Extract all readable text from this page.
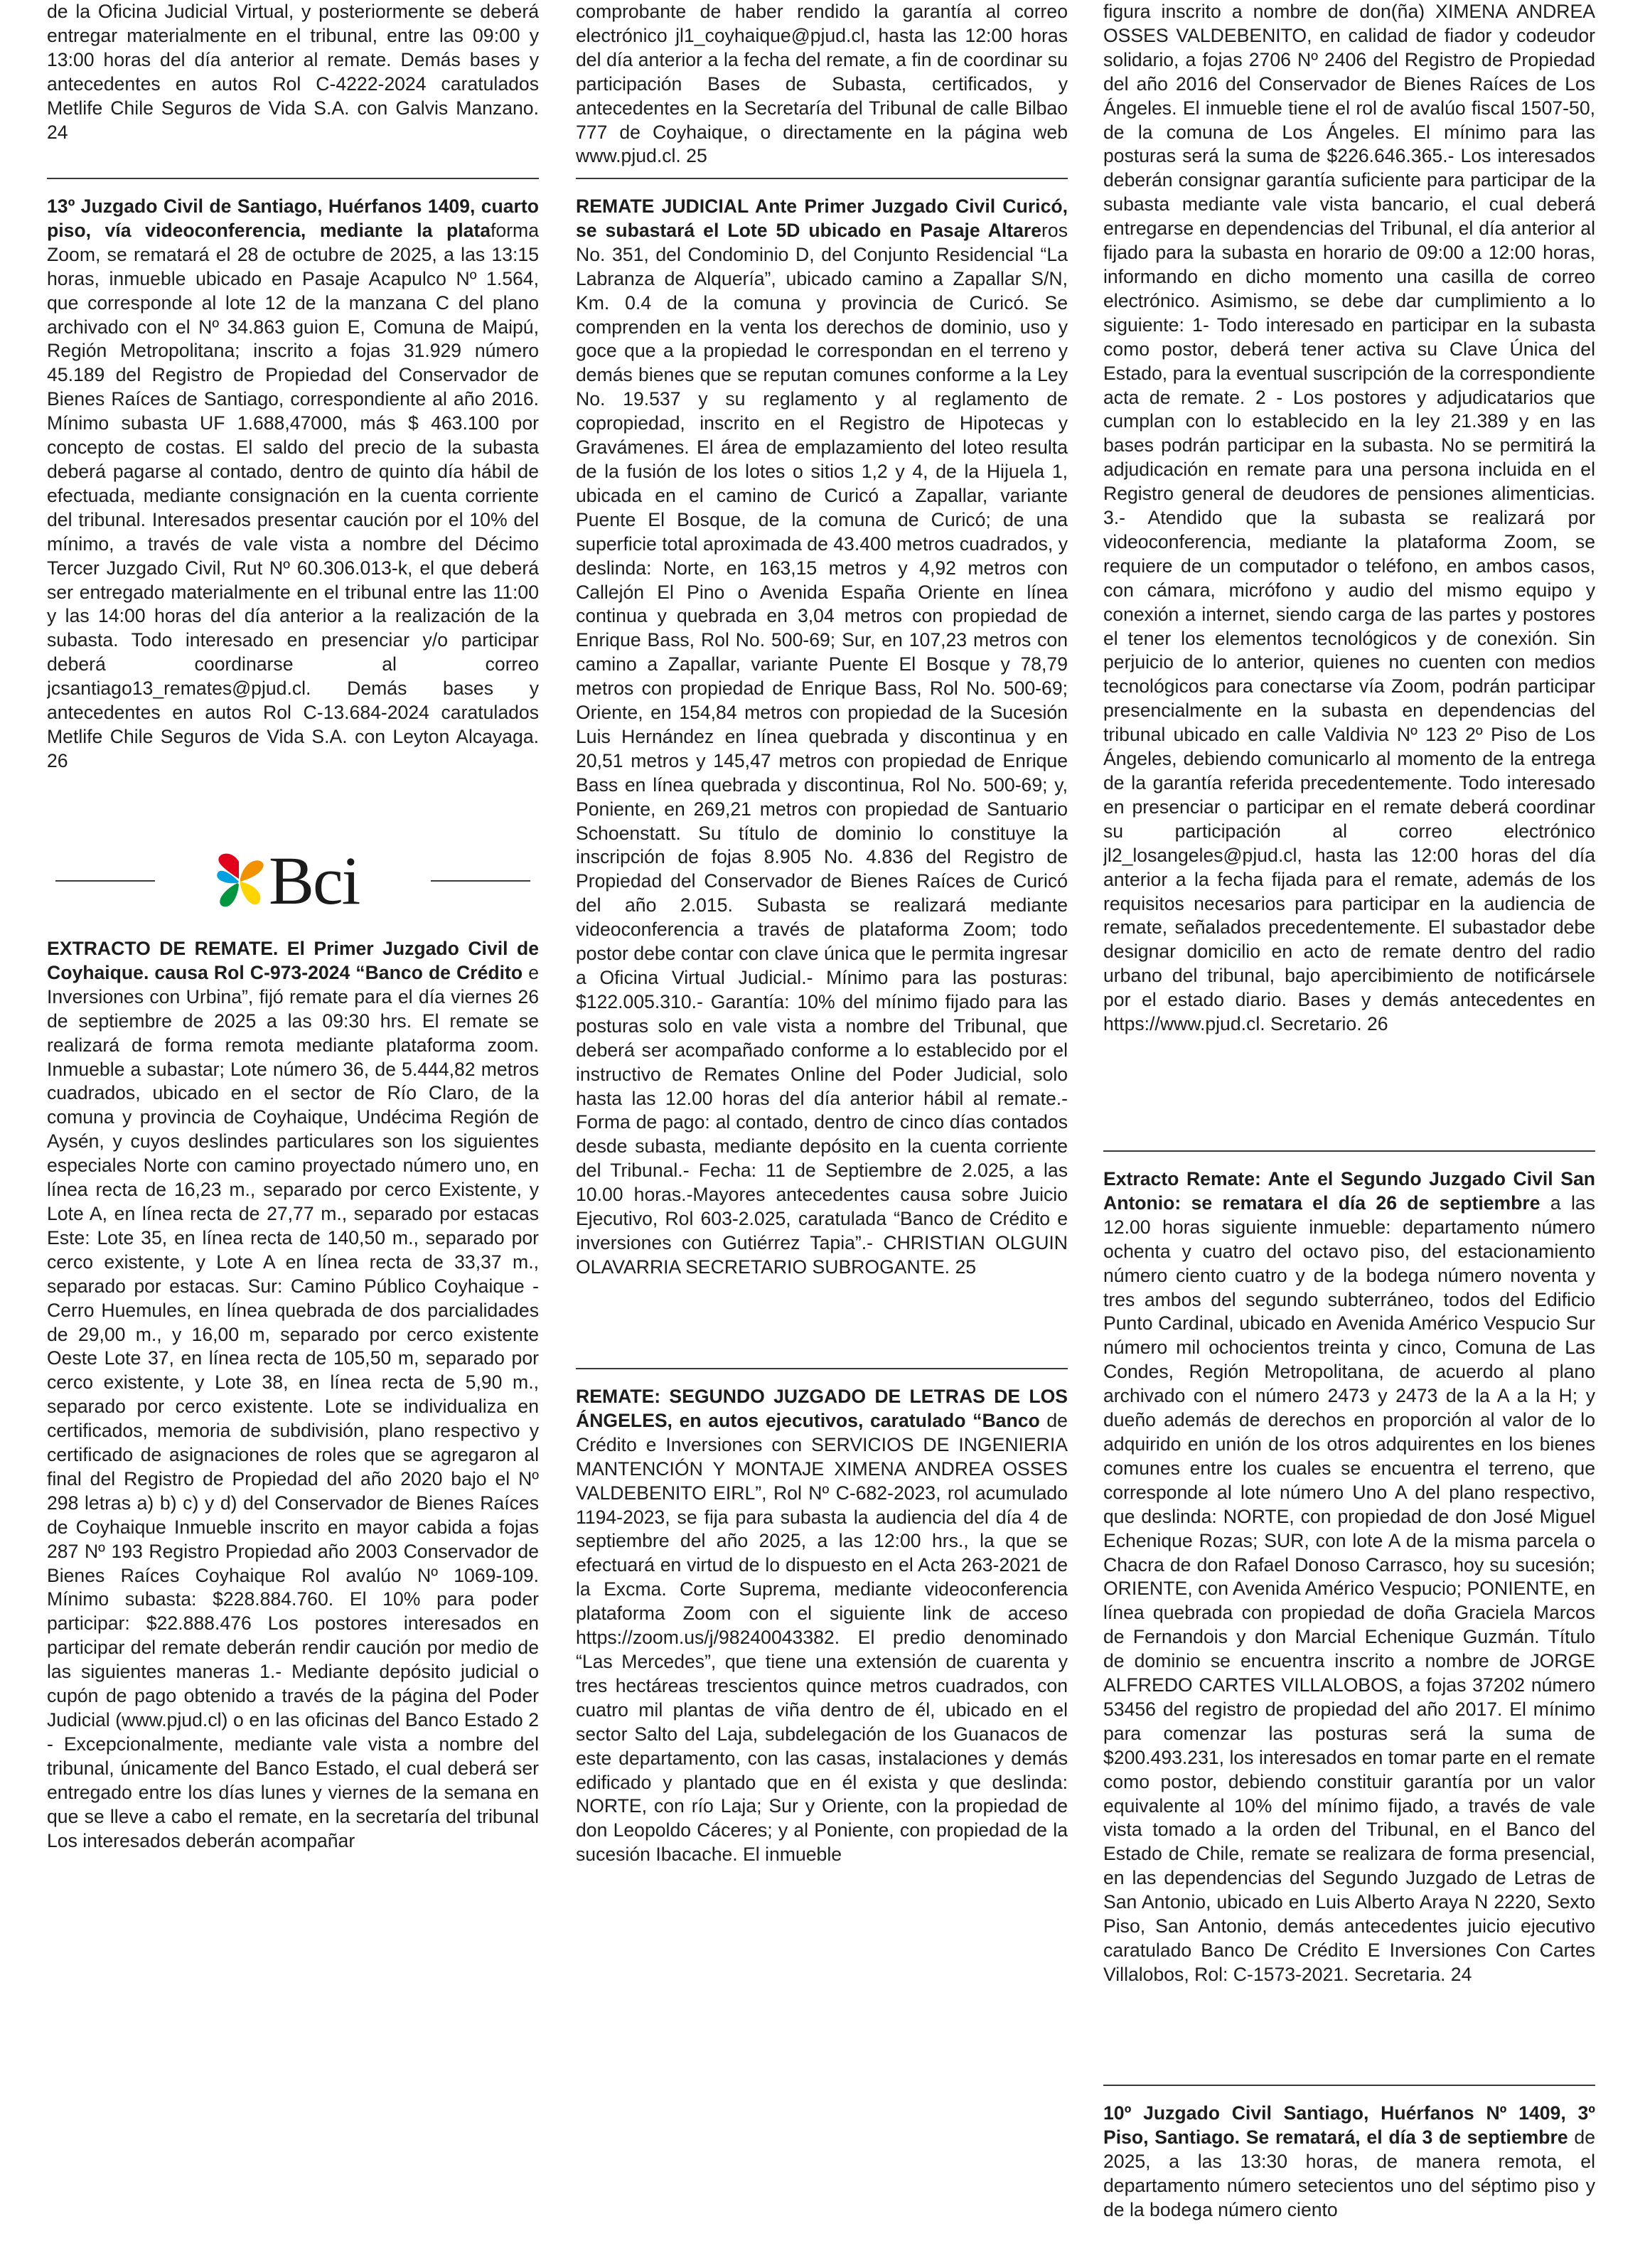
de la Oficina Judicial Virtual, y posteriormente se deberá entregar materialmente en el tribunal, entre las 09:00 y 13:00 horas del día anterior al remate. Demás bases y antecedentes en autos Rol C-4222-2024 caratulados Metlife Chile Seguros de Vida S.A. con Galvis Manzano. 24

13º Juzgado Civil de Santiago, Huérfanos 1409, cuarto piso, vía videoconferencia, mediante la plataforma Zoom, se rematará el 28 de octubre de 2025, a las 13:15 horas, inmueble ubicado en Pasaje Acapulco Nº 1.564, que corresponde al lote 12 de la manzana C del plano archivado con el Nº 34.863 guion E, Comuna de Maipú, Región Metropolitana; inscrito a fojas 31.929 número 45.189 del Registro de Propiedad del Conservador de Bienes Raíces de Santiago, correspondiente al año 2016. Mínimo subasta UF 1.688,47000, más $ 463.100 por concepto de costas. El saldo del precio de la subasta deberá pagarse al contado, dentro de quinto día hábil de efectuada, mediante consignación en la cuenta corriente del tribunal. Interesados presentar caución por el 10% del mínimo, a través de vale vista a nombre del Décimo Tercer Juzgado Civil, Rut Nº 60.306.013-k, el que deberá ser entregado materialmente en el tribunal entre las 11:00 y las 14:00 horas del día anterior a la realización de la subasta. Todo interesado en presenciar y/o participar deberá coordinarse al correo jcsantiago13_remates@pjud.cl. Demás bases y antecedentes en autos Rol C-13.684-2024 caratulados Metlife Chile Seguros de Vida S.A. con Leyton Alcayaga. 26

Bci

EXTRACTO DE REMATE. El Primer Juzgado Civil de Coyhaique. causa Rol C-973-2024 “Banco de Crédito e Inversiones con Urbina”, fijó remate para el día viernes 26 de septiembre de 2025 a las 09:30 hrs. El remate se realizará de forma remota mediante plataforma zoom. Inmueble a subastar; Lote número 36, de 5.444,82 metros cuadrados, ubicado en el sector de Río Claro, de la comuna y provincia de Coyhaique, Undécima Región de Aysén, y cuyos deslindes particulares son los siguientes especiales Norte con camino proyectado número uno, en línea recta de 16,23 m., separado por cerco Existente, y Lote A, en línea recta de 27,77 m., separado por estacas Este: Lote 35, en línea recta de 140,50 m., separado por cerco existente, y Lote A en línea recta de 33,37 m., separado por estacas. Sur: Camino Público Coyhaique - Cerro Huemules, en línea quebrada de dos parcialidades de 29,00 m., y 16,00 m, separado por cerco existente Oeste Lote 37, en línea recta de 105,50 m, separado por cerco existente, y Lote 38, en línea recta de 5,90 m., separado por cerco existente. Lote se individualiza en certificados, memoria de subdivisión, plano respectivo y certificado de asignaciones de roles que se agregaron al final del Registro de Propiedad del año 2020 bajo el Nº 298 letras a) b) c) y d) del Conservador de Bienes Raíces de Coyhaique Inmueble inscrito en mayor cabida a fojas 287 Nº 193 Registro Propiedad año 2003 Conservador de Bienes Raíces Coyhaique Rol avalúo Nº 1069-109. Mínimo subasta: $228.884.760. El 10% para poder participar: $22.888.476 Los postores interesados en participar del remate deberán rendir caución por medio de las siguientes maneras 1.- Mediante depósito judicial o cupón de pago obtenido a través de la página del Poder Judicial (www.pjud.cl) o en las oficinas del Banco Estado 2 - Excepcionalmente, mediante vale vista a nombre del tribunal, únicamente del Banco Estado, el cual deberá ser entregado entre los días lunes y viernes de la semana en que se lleve a cabo el remate, en la secretaría del tribunal Los interesados deberán acompañar

comprobante de haber rendido la garantía al correo electrónico jl1_coyhaique@pjud.cl, hasta las 12:00 horas del día anterior a la fecha del remate, a fin de coordinar su participación Bases de Subasta, certificados, y antecedentes en la Secretaría del Tribunal de calle Bilbao 777 de Coyhaique, o directamente en la página web www.pjud.cl. 25

REMATE JUDICIAL Ante Primer Juzgado Civil Curicó, se subastará el Lote 5D ubicado en Pasaje Altareros No. 351, del Condominio D, del Conjunto Residencial “La Labranza de Alquería”, ubicado camino a Zapallar S/N, Km. 0.4 de la comuna y provincia de Curicó. Se comprenden en la venta los derechos de dominio, uso y goce que a la propiedad le correspondan en el terreno y demás bienes que se reputan comunes conforme a la Ley No. 19.537 y su reglamento y al reglamento de copropiedad, inscrito en el Registro de Hipotecas y Gravámenes. El área de emplazamiento del loteo resulta de la fusión de los lotes o sitios 1,2 y 4, de la Hijuela 1, ubicada en el camino de Curicó a Zapallar, variante Puente El Bosque, de la comuna de Curicó; de una superficie total aproximada de 43.400 metros cuadrados, y deslinda: Norte, en 163,15 metros y 4,92 metros con Callejón El Pino o Avenida España Oriente en línea continua y quebrada en 3,04 metros con propiedad de Enrique Bass, Rol No. 500-69; Sur, en 107,23 metros con camino a Zapallar, variante Puente El Bosque y 78,79 metros con propiedad de Enrique Bass, Rol No. 500-69; Oriente, en 154,84 metros con propiedad de la Sucesión Luis Hernández en línea quebrada y discontinua y en 20,51 metros y 145,47 metros con propiedad de Enrique Bass en línea quebrada y discontinua, Rol No. 500-69; y, Poniente, en 269,21 metros con propiedad de Santuario Schoenstatt. Su título de dominio lo constituye la inscripción de fojas 8.905 No. 4.836 del Registro de Propiedad del Conservador de Bienes Raíces de Curicó del año 2.015. Subasta se realizará mediante videoconferencia a través de plataforma Zoom; todo postor debe contar con clave única que le permita ingresar a Oficina Virtual Judicial.- Mínimo para las posturas: $122.005.310.- Garantía: 10% del mínimo fijado para las posturas solo en vale vista a nombre del Tribunal, que deberá ser acompañado conforme a lo establecido por el instructivo de Remates Online del Poder Judicial, solo hasta las 12.00 horas del día anterior hábil al remate.- Forma de pago: al contado, dentro de cinco días contados desde subasta, mediante depósito en la cuenta corriente del Tribunal.- Fecha: 11 de Septiembre de 2.025, a las 10.00 horas.-Mayores antecedentes causa sobre Juicio Ejecutivo, Rol 603-2.025, caratulada “Banco de Crédito e inversiones con Gutiérrez Tapia”.- CHRISTIAN OLGUIN OLAVARRIA SECRETARIO SUBROGANTE. 25

REMATE: SEGUNDO JUZGADO DE LETRAS DE LOS ÁNGELES, en autos ejecutivos, caratulado “Banco de Crédito e Inversiones con SERVICIOS DE INGENIERIA MANTENCIÓN Y MONTAJE XIMENA ANDREA OSSES VALDEBENITO EIRL”, Rol Nº C-682-2023, rol acumulado 1194-2023, se fija para subasta la audiencia del día 4 de septiembre del año 2025, a las 12:00 hrs., la que se efectuará en virtud de lo dispuesto en el Acta 263-2021 de la Excma. Corte Suprema, mediante videoconferencia plataforma Zoom con el siguiente link de acceso https://zoom.us/j/98240043382. El predio denominado “Las Mercedes”, que tiene una extensión de cuarenta y tres hectáreas trescientos quince metros cuadrados, con cuatro mil plantas de viña dentro de él, ubicado en el sector Salto del Laja, subdelegación de los Guanacos de este departamento, con las casas, instalaciones y demás edificado y plantado que en él exista y que deslinda: NORTE, con río Laja; Sur y Oriente, con la propiedad de don Leopoldo Cáceres; y al Poniente, con propiedad de la sucesión Ibacache. El inmueble

figura inscrito a nombre de don(ña) XIMENA ANDREA OSSES VALDEBENITO, en calidad de fiador y codeudor solidario, a fojas 2706 Nº 2406 del Registro de Propiedad del año 2016 del Conservador de Bienes Raíces de Los Ángeles. El inmueble tiene el rol de avalúo fiscal 1507-50, de la comuna de Los Ángeles. El mínimo para las posturas será la suma de $226.646.365.- Los interesados deberán consignar garantía suficiente para participar de la subasta mediante vale vista bancario, el cual deberá entregarse en dependencias del Tribunal, el día anterior al fijado para la subasta en horario de 09:00 a 12:00 horas, informando en dicho momento una casilla de correo electrónico. Asimismo, se debe dar cumplimiento a lo siguiente: 1- Todo interesado en participar en la subasta como postor, deberá tener activa su Clave Única del Estado, para la eventual suscripción de la correspondiente acta de remate. 2 - Los postores y adjudicatarios que cumplan con lo establecido en la ley 21.389 y en las bases podrán participar en la subasta. No se permitirá la adjudicación en remate para una persona incluida en el Registro general de deudores de pensiones alimenticias. 3.- Atendido que la subasta se realizará por videoconferencia, mediante la plataforma Zoom, se requiere de un computador o teléfono, en ambos casos, con cámara, micrófono y audio del mismo equipo y conexión a internet, siendo carga de las partes y postores el tener los elementos tecnológicos y de conexión. Sin perjuicio de lo anterior, quienes no cuenten con medios tecnológicos para conectarse vía Zoom, podrán participar presencialmente en la subasta en dependencias del tribunal ubicado en calle Valdivia Nº 123 2º Piso de Los Ángeles, debiendo comunicarlo al momento de la entrega de la garantía referida precedentemente. Todo interesado en presenciar o participar en el remate deberá coordinar su participación al correo electrónico jl2_losangeles@pjud.cl, hasta las 12:00 horas del día anterior a la fecha fijada para el remate, además de los requisitos necesarios para participar en la audiencia de remate, señalados precedentemente. El subastador debe designar domicilio en acto de remate dentro del radio urbano del tribunal, bajo apercibimiento de notificársele por el estado diario. Bases y demás antecedentes en https://www.pjud.cl. Secretario. 26

Extracto Remate: Ante el Segundo Juzgado Civil San Antonio: se rematara el día 26 de septiembre a las 12.00 horas siguiente inmueble: departamento número ochenta y cuatro del octavo piso, del estacionamiento número ciento cuatro y de la bodega número noventa y tres ambos del segundo subterráneo, todos del Edificio Punto Cardinal, ubicado en Avenida Américo Vespucio Sur número mil ochocientos treinta y cinco, Comuna de Las Condes, Región Metropolitana, de acuerdo al plano archivado con el número 2473 y 2473 de la A a la H; y dueño además de derechos en proporción al valor de lo adquirido en unión de los otros adquirentes en los bienes comunes entre los cuales se encuentra el terreno, que corresponde al lote número Uno A del plano respectivo, que deslinda: NORTE, con propiedad de don José Miguel Echenique Rozas; SUR, con lote A de la misma parcela o Chacra de don Rafael Donoso Carrasco, hoy su sucesión; ORIENTE, con Avenida Américo Vespucio; PONIENTE, en línea quebrada con propiedad de doña Graciela Marcos de Fernandois y don Marcial Echenique Guzmán. Título de dominio se encuentra inscrito a nombre de JORGE ALFREDO CARTES VILLALOBOS, a fojas 37202 número 53456 del registro de propiedad del año 2017. El mínimo para comenzar las posturas será la suma de $200.493.231, los interesados en tomar parte en el remate como postor, debiendo constituir garantía por un valor equivalente al 10% del mínimo fijado, a través de vale vista tomado a la orden del Tribunal, en el Banco del Estado de Chile, remate se realizara de forma presencial, en las dependencias del Segundo Juzgado de Letras de San Antonio, ubicado en Luis Alberto Araya N 2220, Sexto Piso, San Antonio, demás antecedentes juicio ejecutivo caratulado Banco De Crédito E Inversiones Con Cartes Villalobos, Rol: C-1573-2021. Secretaria. 24

10º Juzgado Civil Santiago, Huérfanos Nº 1409, 3º Piso, Santiago. Se rematará, el día 3 de septiembre de 2025, a las 13:30 horas, de manera remota, el departamento número setecientos uno del séptimo piso y de la bodega número ciento
